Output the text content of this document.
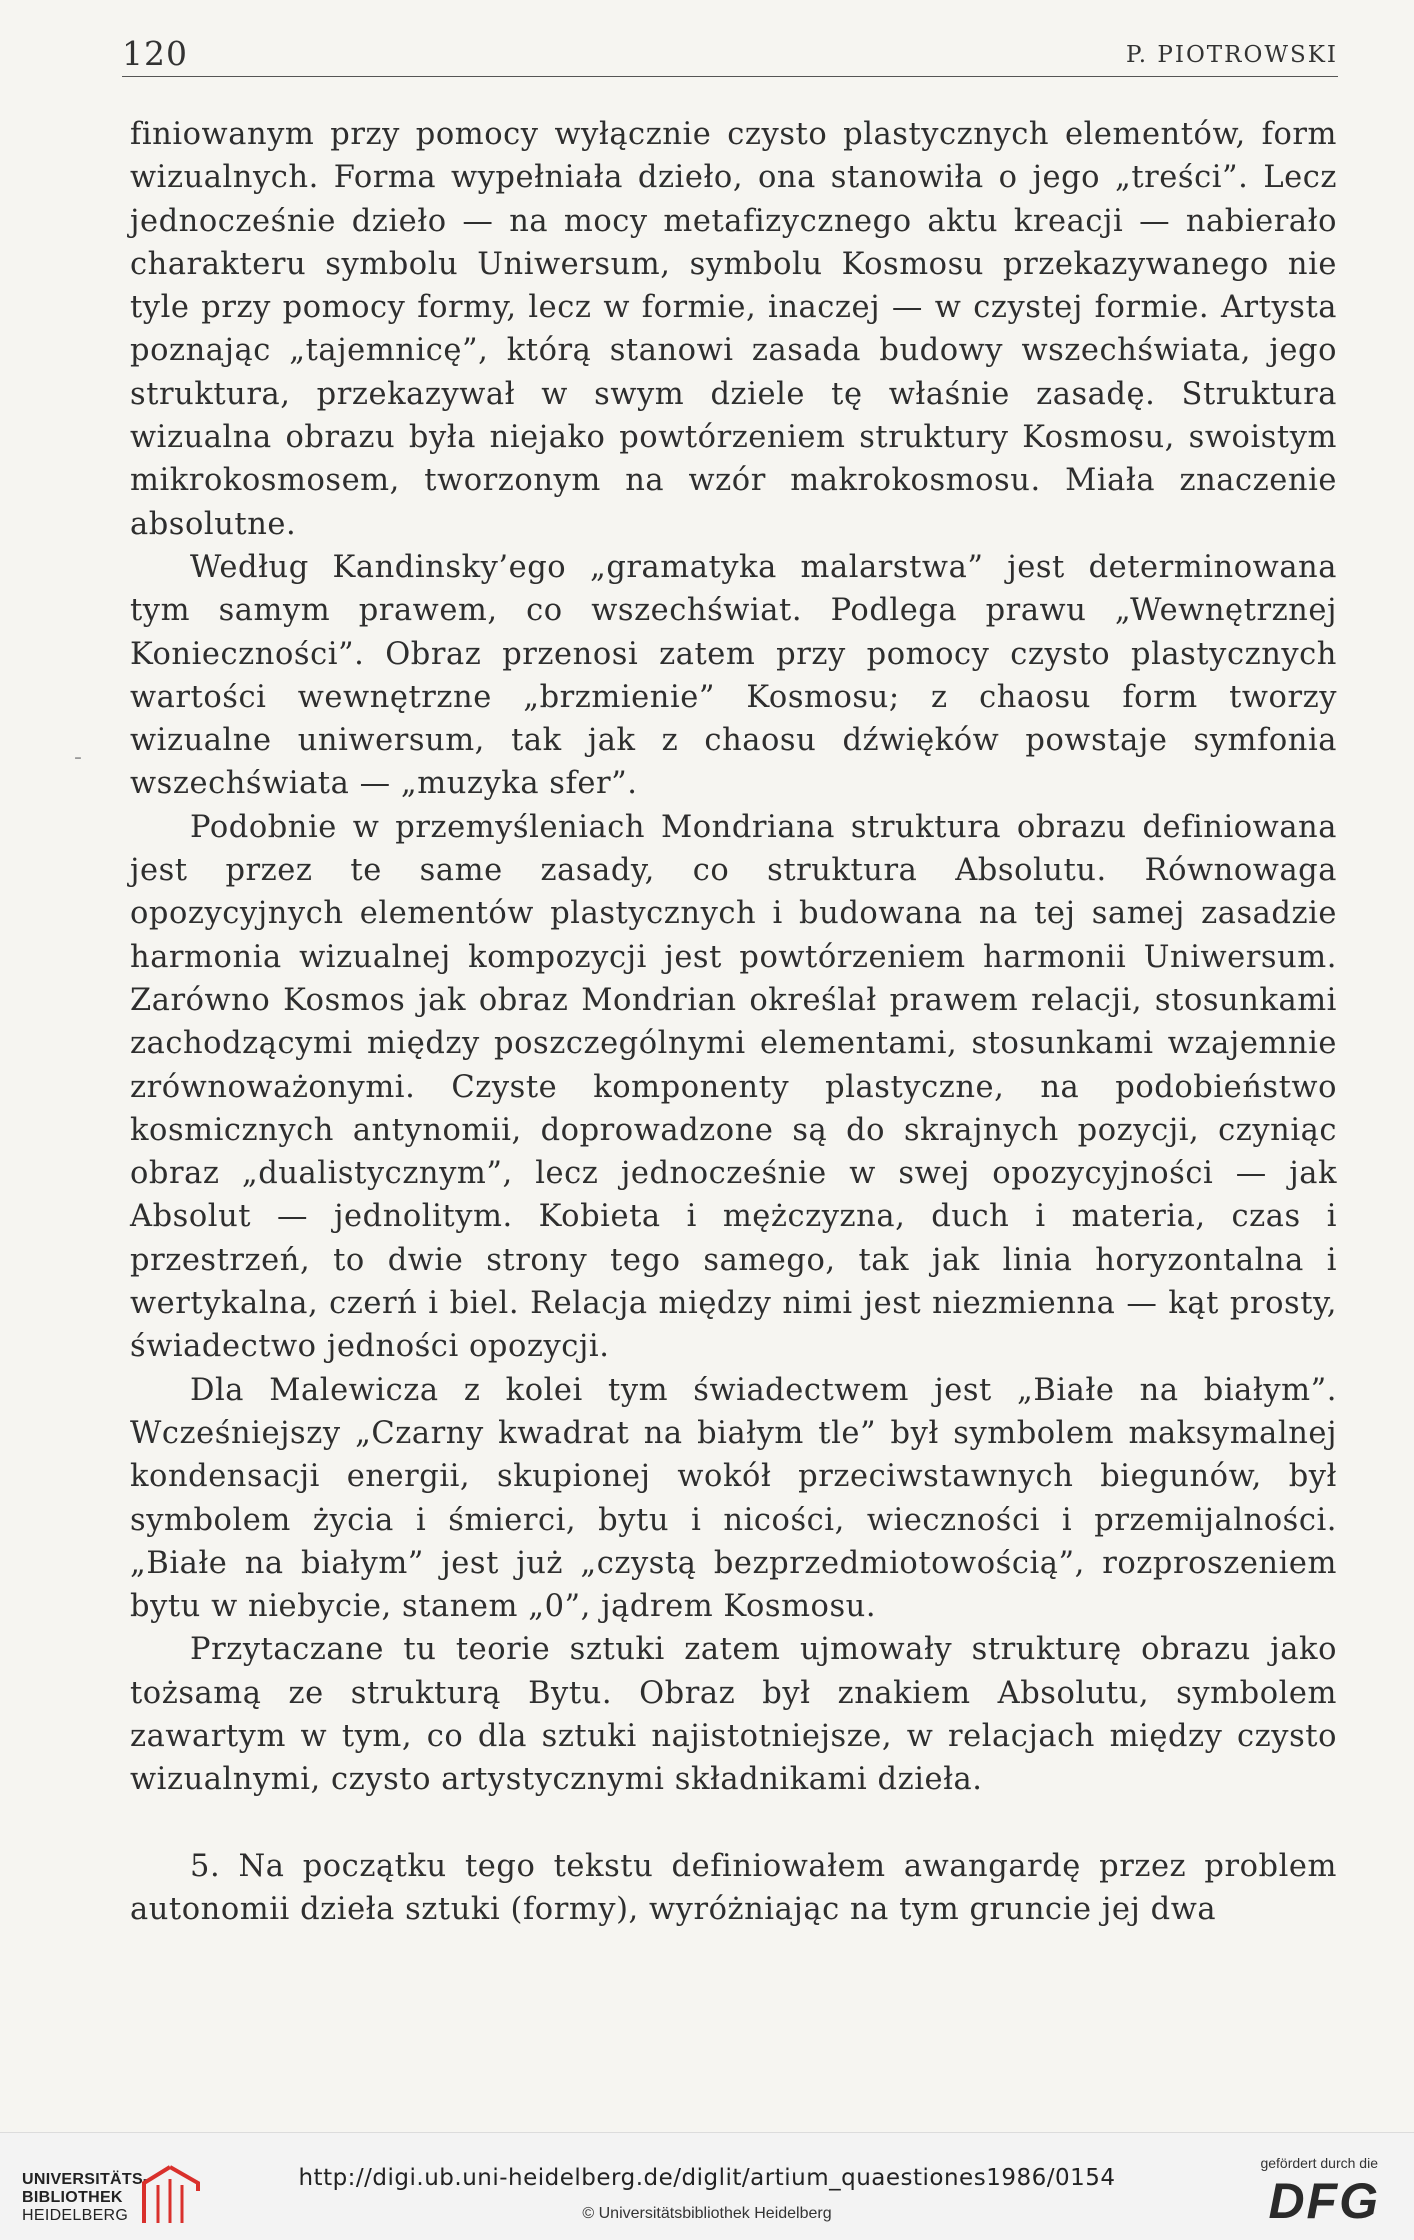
120	P. PIOTROWSKI

finiowanym przy pomocy wyłącznie czysto plastycznych elementów, form wizualnych. Forma wypełniała dzieło, ona stanowiła o jego „treści”. Lecz jednocześnie dzieło — na mocy metafizycznego aktu kreacji — nabierało charakteru symbolu Uniwersum, symbolu Kosmosu przekazywanego nie tyle przy pomocy formy, lecz w formie, inaczej — w czystej formie. Artysta poznając „tajemnicę”, którą stanowi zasada budowy wszechświata, jego struktura, przekazywał w swym dziele tę właśnie zasadę. Struktura wizualna obrazu była niejako powtórzeniem struktury Kosmosu, swoistym mikrokosmosem, tworzonym na wzór makrokosmosu. Miała znaczenie absolutne.

Według Kandinsky’ego „gramatyka malarstwa” jest determinowana tym samym prawem, co wszechświat. Podlega prawu „Wewnętrznej Konieczności”. Obraz przenosi zatem przy pomocy czysto plastycznych wartości wewnętrzne „brzmienie” Kosmosu; z chaosu form tworzy wizualne uniwersum, tak jak z chaosu dźwięków powstaje symfonia wszechświata — „muzyka sfer”.

Podobnie w przemyśleniach Mondriana struktura obrazu definiowana jest przez te same zasady, co struktura Absolutu. Równowaga opozycyjnych elementów plastycznych i budowana na tej samej zasadzie harmonia wizualnej kompozycji jest powtórzeniem harmonii Uniwersum. Zarówno Kosmos jak obraz Mondrian określał prawem relacji, stosunkami zachodzącymi między poszczególnymi elementami, stosunkami wzajemnie zrównoważonymi. Czyste komponenty plastyczne, na podobieństwo kosmicznych antynomii, doprowadzone są do skrajnych pozycji, czyniąc obraz „dualistycznym”, lecz jednocześnie w swej opozycyjności — jak Absolut — jednolitym. Kobieta i mężczyzna, duch i materia, czas i przestrzeń, to dwie strony tego samego, tak jak linia horyzontalna i wertykalna, czerń i biel. Relacja między nimi jest niezmienna — kąt prosty, świadectwo jedności opozycji.

Dla Malewicza z kolei tym świadectwem jest „Białe na białym”. Wcześniejszy „Czarny kwadrat na białym tle” był symbolem maksymalnej kondensacji energii, skupionej wokół przeciwstawnych biegunów, był symbolem życia i śmierci, bytu i nicości, wieczności i przemijalności. „Białe na białym” jest już „czystą bezprzedmiotowością”, rozproszeniem bytu w niebycie, stanem „0”, jądrem Kosmosu.

Przytaczane tu teorie sztuki zatem ujmowały strukturę obrazu jako tożsamą ze strukturą Bytu. Obraz był znakiem Absolutu, symbolem zawartym w tym, co dla sztuki najistotniejsze, w relacjach między czysto wizualnymi, czysto artystycznymi składnikami dzieła.

5. Na początku tego tekstu definiowałem awangardę przez problem autonomii dzieła sztuki (formy), wyróżniając na tym gruncie jej dwa

-
UNIVERSITÄTS-
BIBLIOTHEK
HEIDELBERG
http://digi.ub.uni-heidelberg.de/diglit/artium_quaestiones1986/0154
© Universitätsbibliothek Heidelberg
gefördert durch die
DFG
